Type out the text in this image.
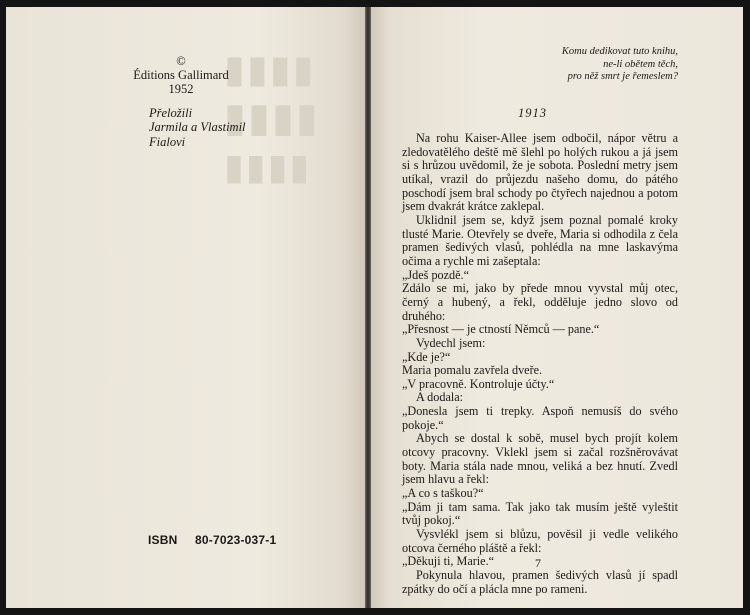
▮▮▮▮
▮▮▮▮
▮▮▮▮
©
Éditions Gallimard
1952
Přeložili
Jarmila a Vlastimil
Fialovi
ISBN 80-7023-037-1
Komu dedikovat tuto knihu,
ne-li obětem těch,
pro něž smrt je řemeslem?
1913

Na rohu Kaiser-Allee jsem odbočil, nápor větru a zledovatělého deště mě šlehl po holých rukou a já jsem si s hrůzou uvědomil, že je sobota. Poslední metry jsem utíkal, vrazil do průjezdu našeho domu, do pátého poschodí jsem bral schody po čtyřech najednou a potom jsem dvakrát krátce zaklepal.

Uklidnil jsem se, když jsem poznal pomalé kroky tlusté Marie. Otevřely se dveře, Maria si odhodila z čela pramen šedivých vlasů, pohlédla na mne laskavýma očima a rychle mi zašeptala:

„Jdeš pozdě.“

Zdálo se mi, jako by přede mnou vyvstal můj otec, černý a hubený, a řekl, odděluje jedno slovo od druhého:

„Přesnost — je ctností Němců — pane.“

Vydechl jsem:

„Kde je?“

Maria pomalu zavřela dveře.

„V pracovně. Kontroluje účty.“

A dodala:

„Donesla jsem ti trepky. Aspoň nemusíš do svého pokoje.“

Abych se dostal k sobě, musel bych projít kolem otcovy pracovny. Vklekl jsem si začal rozšněrovávat boty. Maria stála nade mnou, veliká a bez hnutí. Zvedl jsem hlavu a řekl:

„A co s taškou?“

„Dám ji tam sama. Tak jako tak musím ještě vyleštit tvůj pokoj.“

Vysvlékl jsem si blůzu, pověsil ji vedle velikého otcova černého pláště a řekl:

„Děkuji ti, Marie.“

Pokynula hlavou, pramen šedivých vlasů jí spadl zpátky do očí a plácla mne po rameni.

7
